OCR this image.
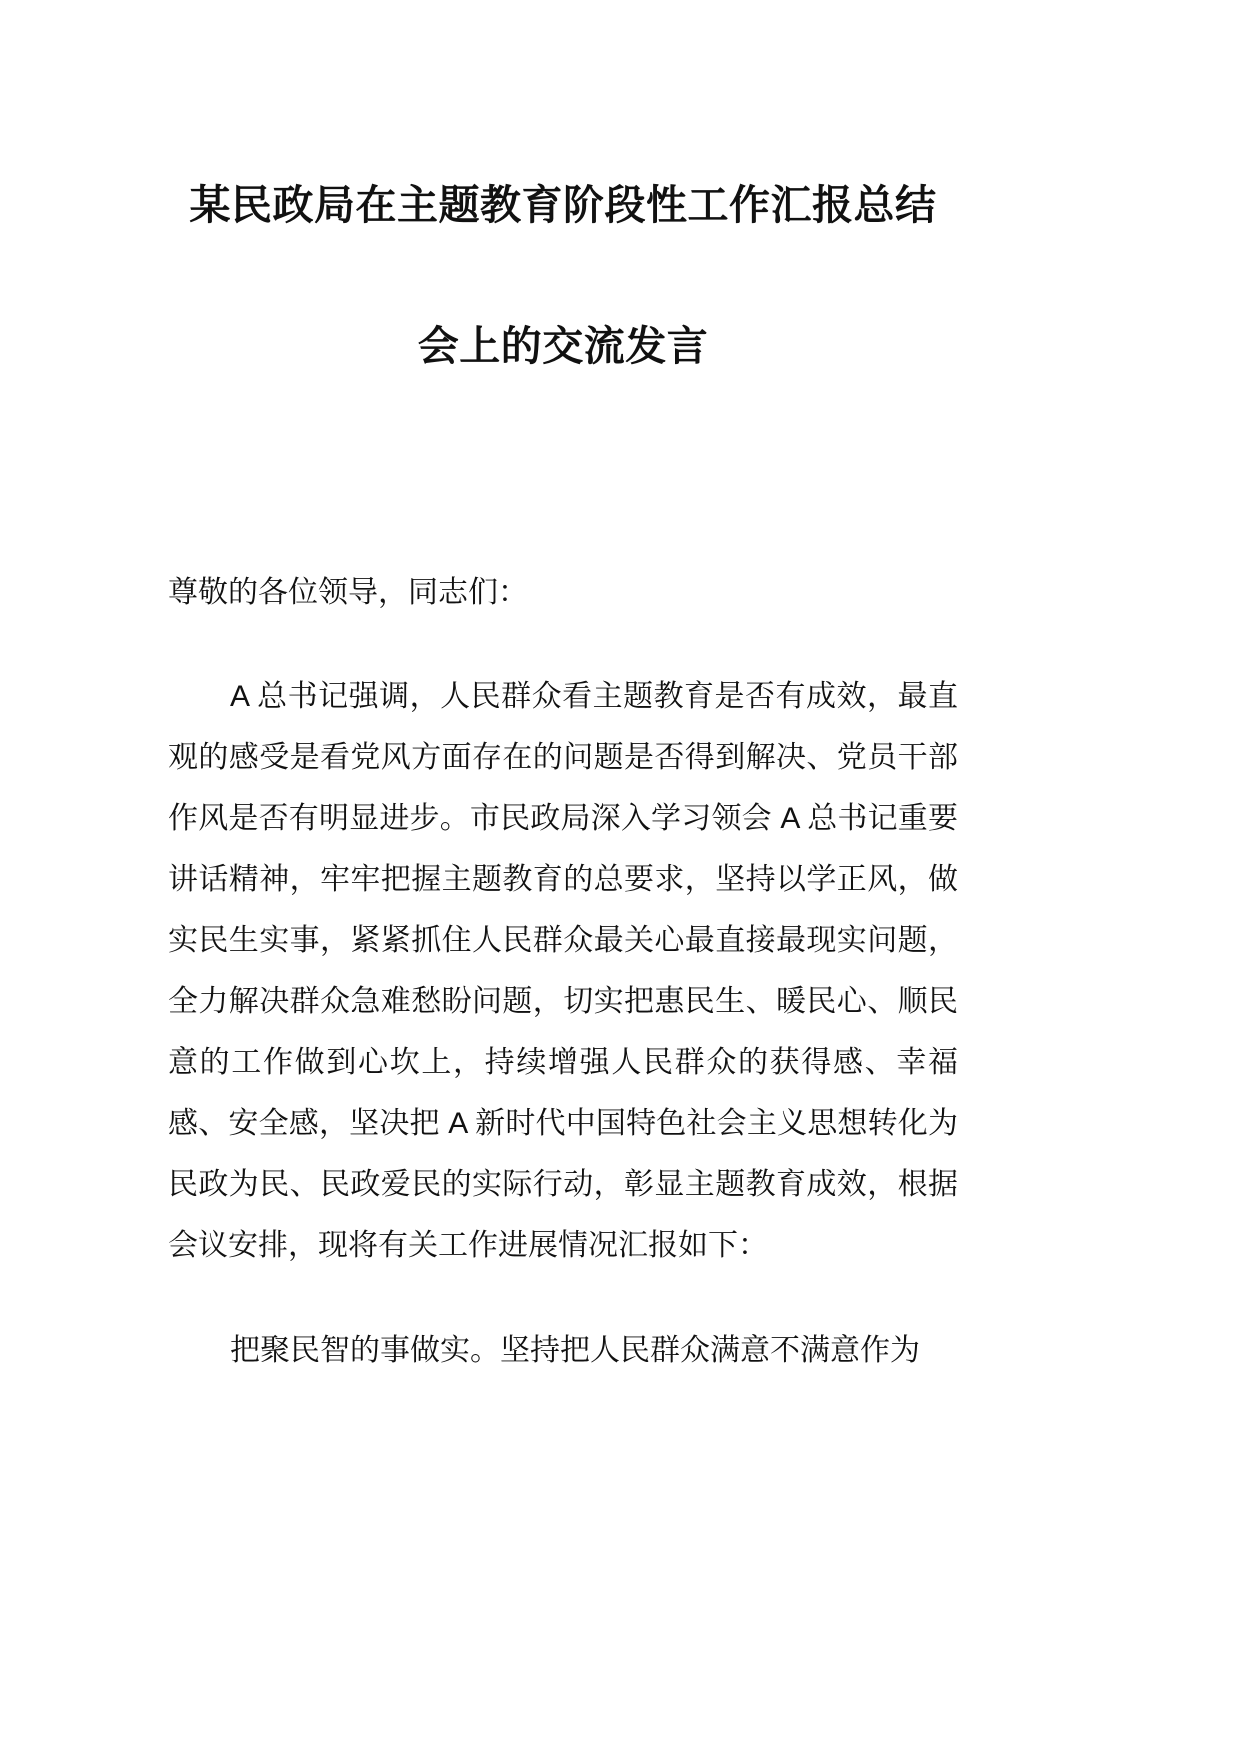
某民政局在主题教育阶段性工作汇报总结
会上的交流发言

尊敬的各位领导，同志们：

A 总书记强调，人民群众看主题教育是否有成效，最直观的感受是看党风方面存在的问题是否得到解决、党员干部作风是否有明显进步。市民政局深入学习领会 A 总书记重要讲话精神，牢牢把握主题教育的总要求，坚持以学正风，做实民生实事，紧紧抓住人民群众最关心最直接最现实问题，全力解决群众急难愁盼问题，切实把惠民生、暖民心、顺民意的工作做到心坎上，持续增强人民群众的获得感、幸福感、安全感，坚决把 A 新时代中国特色社会主义思想转化为民政为民、民政爱民的实际行动，彰显主题教育成效，根据会议安排，现将有关工作进展情况汇报如下：

把聚民智的事做实。坚持把人民群众满意不满意作为
